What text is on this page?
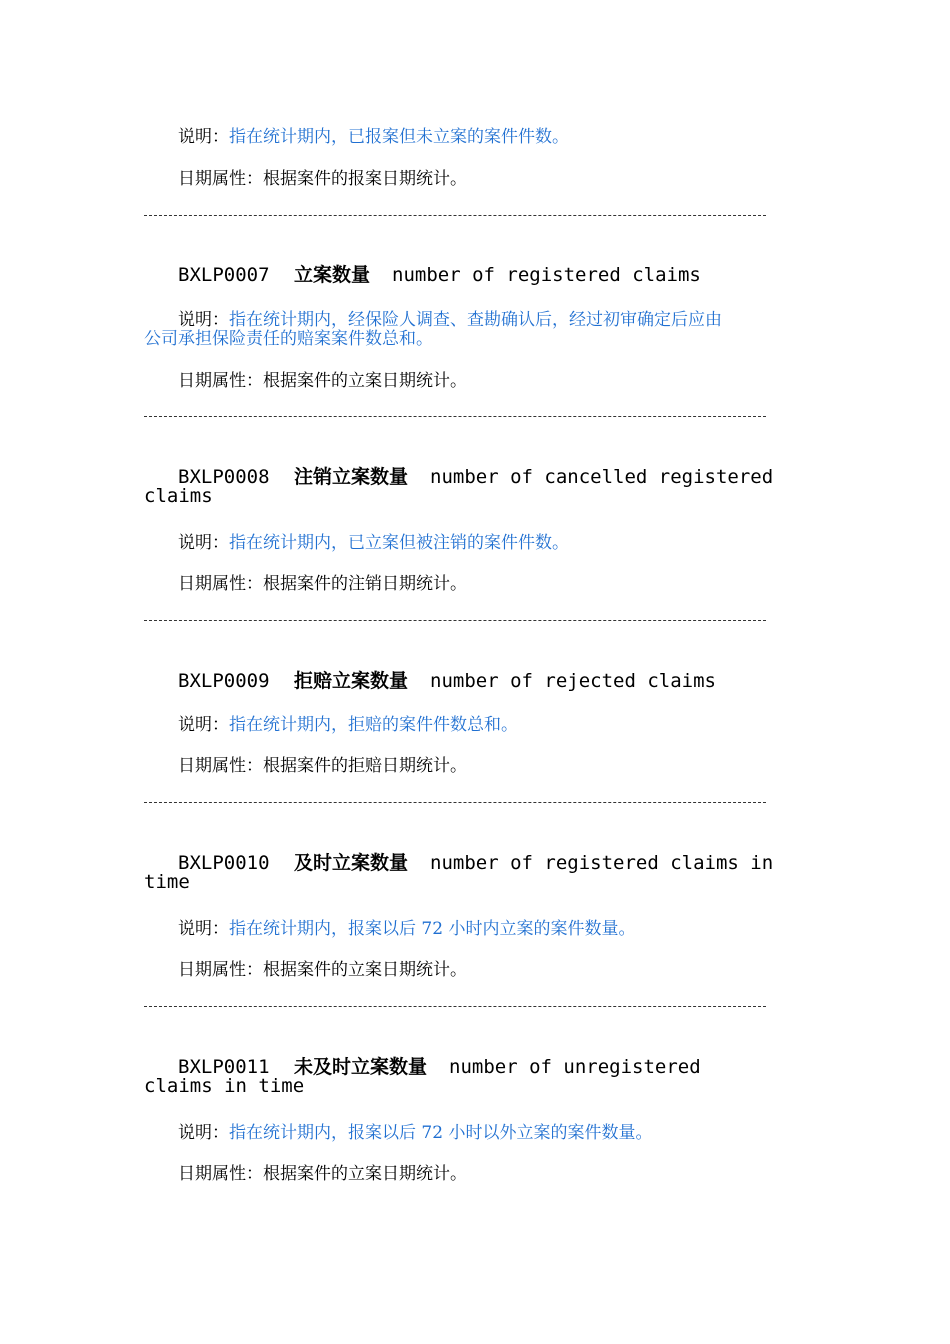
说明：指在统计期内，已报案但未立案的案件件数。
日期属性：根据案件的报案日期统计。
BXLP0007 立案数量 number of registered claims
说明：指在统计期内，经保险人调查、查勘确认后，经过初审确定后应由
公司承担保险责任的赔案案件数总和。
日期属性：根据案件的立案日期统计。
BXLP0008 注销立案数量 number of cancelled registered
claims
说明：指在统计期内，已立案但被注销的案件件数。
日期属性：根据案件的注销日期统计。
BXLP0009 拒赔立案数量 number of rejected claims
说明：指在统计期内，拒赔的案件件数总和。
日期属性：根据案件的拒赔日期统计。
BXLP0010 及时立案数量 number of registered claims in
time
说明：指在统计期内，报案以后 72 小时内立案的案件数量。
日期属性：根据案件的立案日期统计。
BXLP0011 未及时立案数量 number of unregistered
claims in time
说明：指在统计期内，报案以后 72 小时以外立案的案件数量。
日期属性：根据案件的立案日期统计。
